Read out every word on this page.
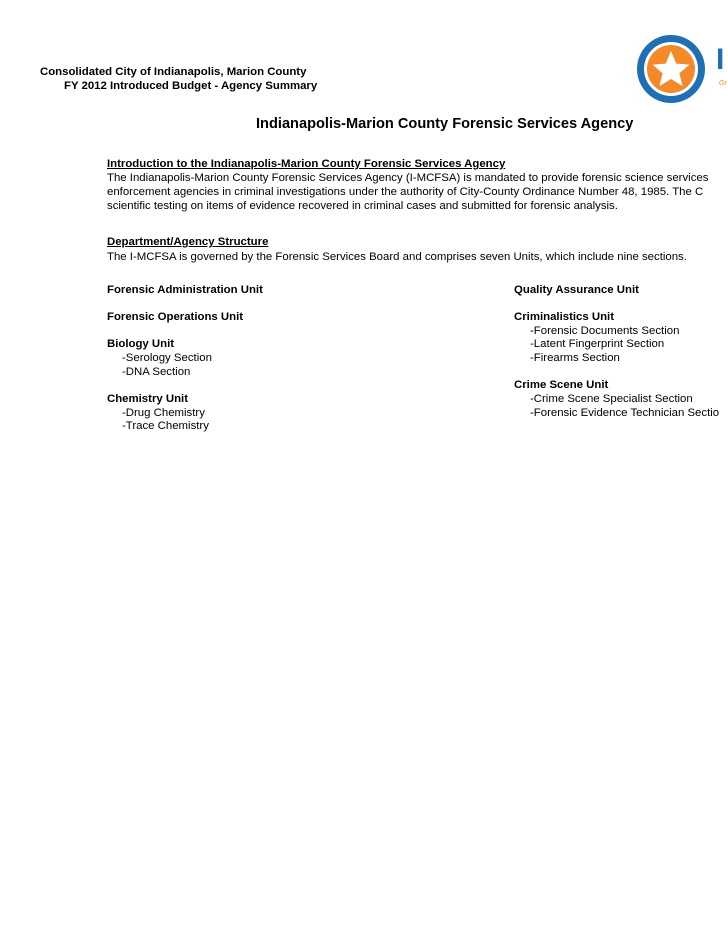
Consolidated City of Indianapolis, Marion County
FY 2012 Introduced Budget - Agency Summary
I
Gr
Indianapolis-Marion County Forensic Services Agency
Introduction to the Indianapolis-Marion County Forensic Services Agency
The Indianapolis-Marion County Forensic Services Agency (I-MCFSA) is mandated to provide forensic science services
enforcement agencies in criminal investigations under the authority of City-County Ordinance Number 48, 1985. The C
scientific testing on items of evidence recovered in criminal cases and submitted for forensic analysis.
Department/Agency Structure
The I-MCFSA is governed by the Forensic Services Board and comprises seven Units, which include nine sections.
Forensic Administration Unit
Forensic Operations Unit
Biology Unit
-Serology Section
-DNA Section
Chemistry Unit
-Drug Chemistry
-Trace Chemistry
Quality Assurance Unit
Criminalistics Unit
-Forensic Documents Section
-Latent Fingerprint Section
-Firearms Section
Crime Scene Unit
-Crime Scene Specialist Section
-Forensic Evidence Technician Sectio
